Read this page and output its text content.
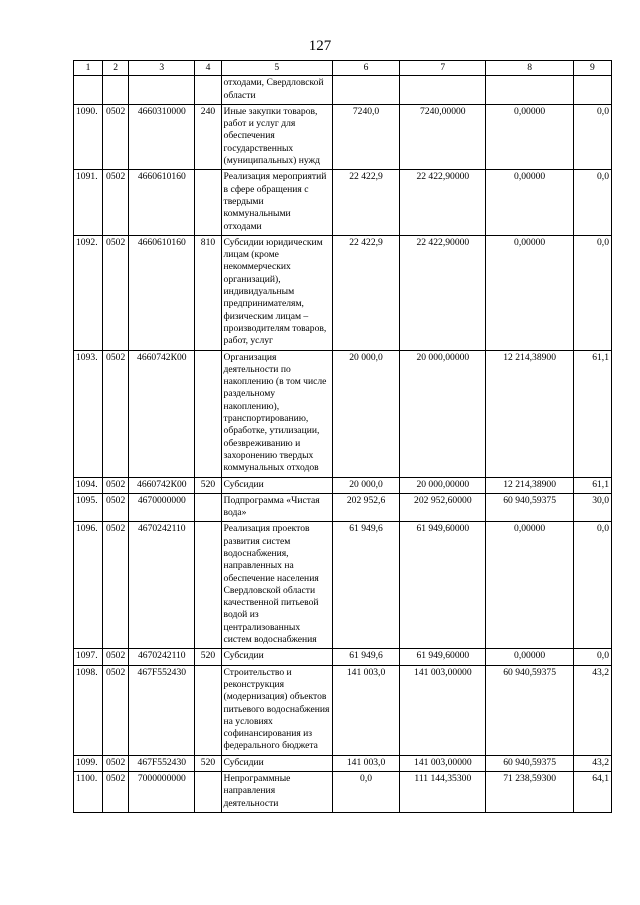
127
1	2	3	4	5	6	7	8	9
				отходами, Свердловской области				
1090.	0502	4660310000	240	Иные закупки товаров, работ и услуг для обеспечения государственных (муниципальных) нужд	7240,0	7240,00000	0,00000	0,0
1091.	0502	4660610160		Реализация мероприятий в сфере обращения с твердыми коммунальными отходами	22 422,9	22 422,90000	0,00000	0,0
1092.	0502	4660610160	810	Субсидии юридическим лицам (кроме некоммерческих организаций), индивидуальным предпринимателям, физическим лицам – производителям товаров, работ, услуг	22 422,9	22 422,90000	0,00000	0,0
1093.	0502	4660742К00		Организация деятельности по накоплению (в том числе раздельному накоплению), транспортированию, обработке, утилизации, обезвреживанию и захоронению твердых коммунальных отходов	20 000,0	20 000,00000	12 214,38900	61,1
1094.	0502	4660742К00	520	Субсидии	20 000,0	20 000,00000	12 214,38900	61,1
1095.	0502	4670000000		Подпрограмма «Чистая вода»	202 952,6	202 952,60000	60 940,59375	30,0
1096.	0502	4670242110		Реализация проектов развития систем водоснабжения, направленных на обеспечение населения Свердловской области качественной питьевой водой из централизованных систем водоснабжения	61 949,6	61 949,60000	0,00000	0,0
1097.	0502	4670242110	520	Субсидии	61 949,6	61 949,60000	0,00000	0,0
1098.	0502	467F552430		Строительство и реконструкция (модернизация) объектов питьевого водоснабжения на условиях софинансирования из федерального бюджета	141 003,0	141 003,00000	60 940,59375	43,2
1099.	0502	467F552430	520	Субсидии	141 003,0	141 003,00000	60 940,59375	43,2
1100.	0502	7000000000		Непрограммные направления деятельности	0,0	111 144,35300	71 238,59300	64,1
